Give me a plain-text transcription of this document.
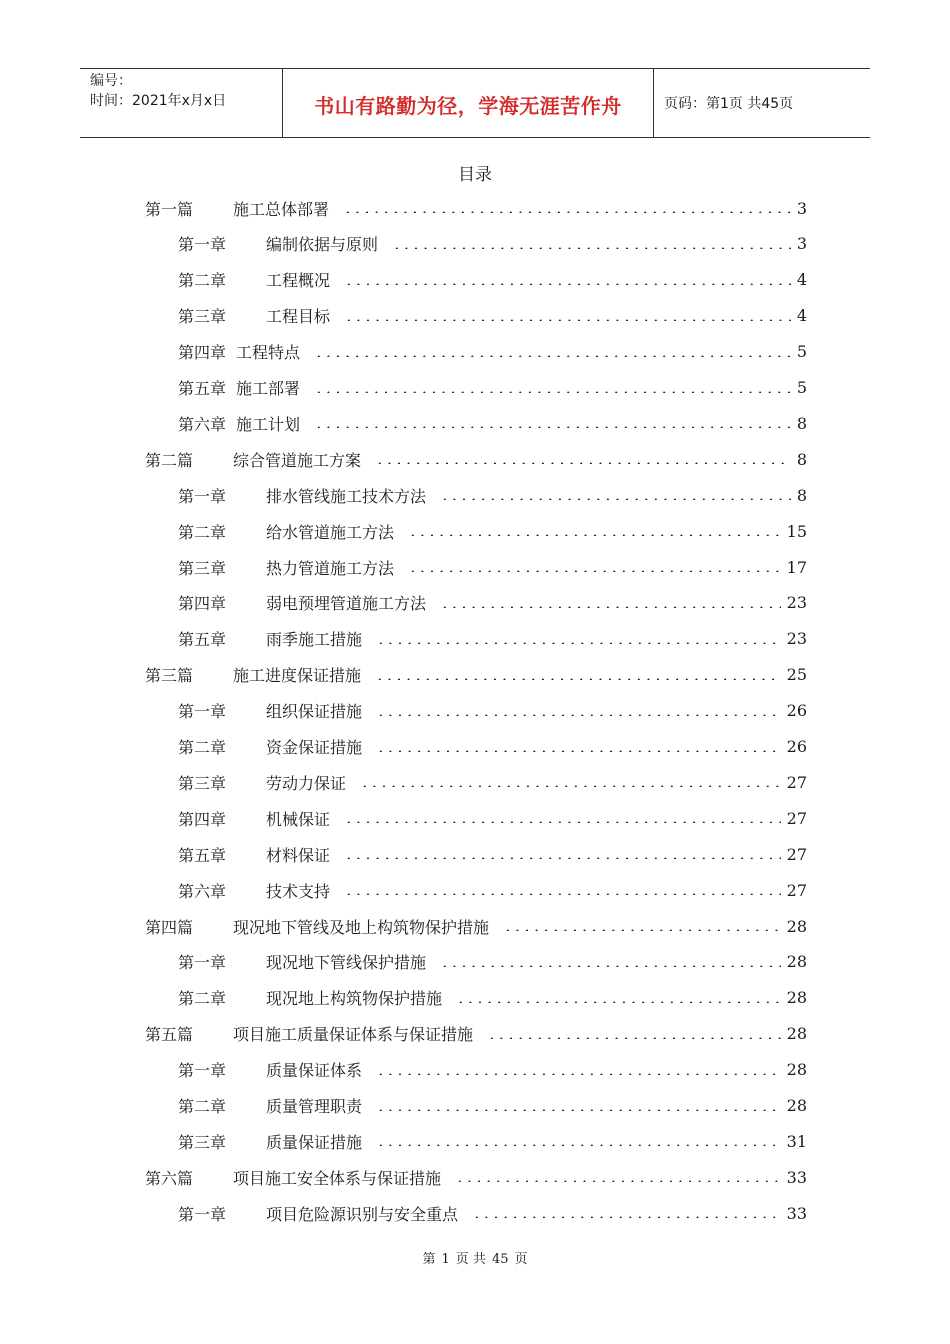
编号：
时间：2021年x月x日	书山有路勤为径，学海无涯苦作舟	页码：第1页 共45页
目录
第一篇	施工总体部署	3
第一章	编制依据与原则	3
第二章	工程概况	4
第三章	工程目标	4
第四章 工程特点	5
第五章 施工部署	5
第六章 施工计划	8
第二篇	综合管道施工方案	8
第一章	排水管线施工技术方法	8
第二章	给水管道施工方法	15
第三章	热力管道施工方法	17
第四章	弱电预埋管道施工方法	23
第五章	雨季施工措施	23
第三篇	施工进度保证措施	25
第一章	组织保证措施	26
第二章	资金保证措施	26
第三章	劳动力保证	27
第四章	机械保证	27
第五章	材料保证	27
第六章	技术支持	27
第四篇	现况地下管线及地上构筑物保护措施	28
第一章	现况地下管线保护措施	28
第二章	现况地上构筑物保护措施	28
第五篇	项目施工质量保证体系与保证措施	28
第一章	质量保证体系	28
第二章	质量管理职责	28
第三章	质量保证措施	31
第六篇	项目施工安全体系与保证措施	33
第一章	项目危险源识别与安全重点	33
第 1 页 共 45 页
